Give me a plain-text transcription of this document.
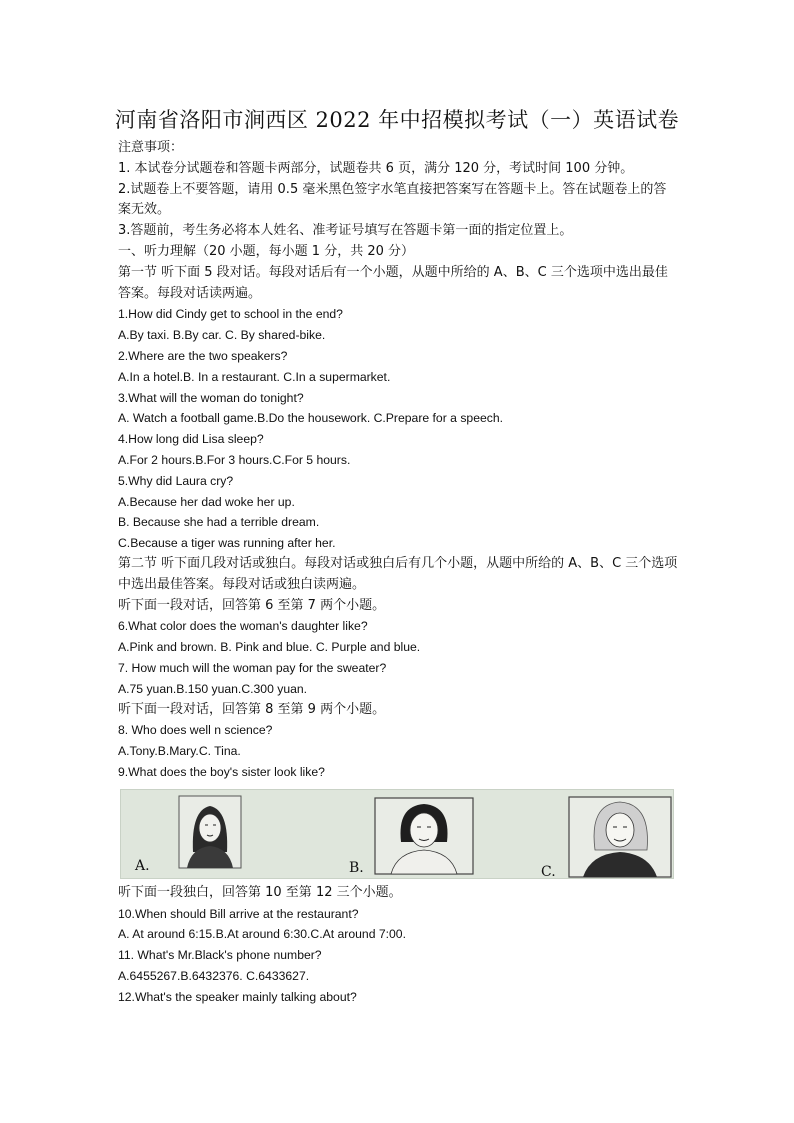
河南省洛阳市涧西区 2022 年中招模拟考试（一）英语试卷
注意事项：
1. 本试卷分试题卷和答题卡两部分，试题卷共 6 页，满分 120 分，考试时间 100 分钟。
2.试题卷上不要答题，请用 0.5 毫米黑色签字水笔直接把答案写在答题卡上。答在试题卷上的答案无效。
3.答题前，考生务必将本人姓名、准考证号填写在答题卡第一面的指定位置上。
一、听力理解（20 小题，每小题 1 分，共 20 分）
第一节 听下面 5 段对话。每段对话后有一个小题，从题中所给的 A、B、C 三个选项中选出最佳答案。每段对话读两遍。
1.How did Cindy get to school in the end?
A.By taxi. B.By car. C. By shared-bike.
2.Where are the two speakers?
A.In a hotel.B. In a restaurant. C.In a supermarket.
3.What will the woman do tonight?
A. Watch a football game.B.Do the housework. C.Prepare for a speech.
4.How long did Lisa sleep?
A.For 2 hours.B.For 3 hours.C.For 5 hours.
5.Why did Laura cry?
A.Because her dad woke her up.
B. Because she had a terrible dream.
C.Because a tiger was running after her.
第二节 听下面几段对话或独白。每段对话或独白后有几个小题，从题中所给的 A、B、C 三个选项中选出最佳答案。每段对话或独白读两遍。
听下面一段对话，回答第 6 至第 7 两个小题。
6.What color does the woman's daughter like?
A.Pink and brown. B. Pink and blue. C. Purple and blue.
7. How much will the woman pay for the sweater?
A.75 yuan.B.150 yuan.C.300 yuan.
听下面一段对话，回答第 8 至第 9 两个小题。
8. Who does well n science?
A.Tony.B.Mary.C. Tina.
9.What does the boy's sister look like?
A.	B.	C.
听下面一段独白，回答第 10 至第 12 三个小题。
10.When should Bill arrive at the restaurant?
A. At around 6:15.B.At around 6:30.C.At around 7:00.
11. What's Mr.Black's phone number?
A.6455267.B.6432376. C.6433627.
12.What's the speaker mainly talking about?
